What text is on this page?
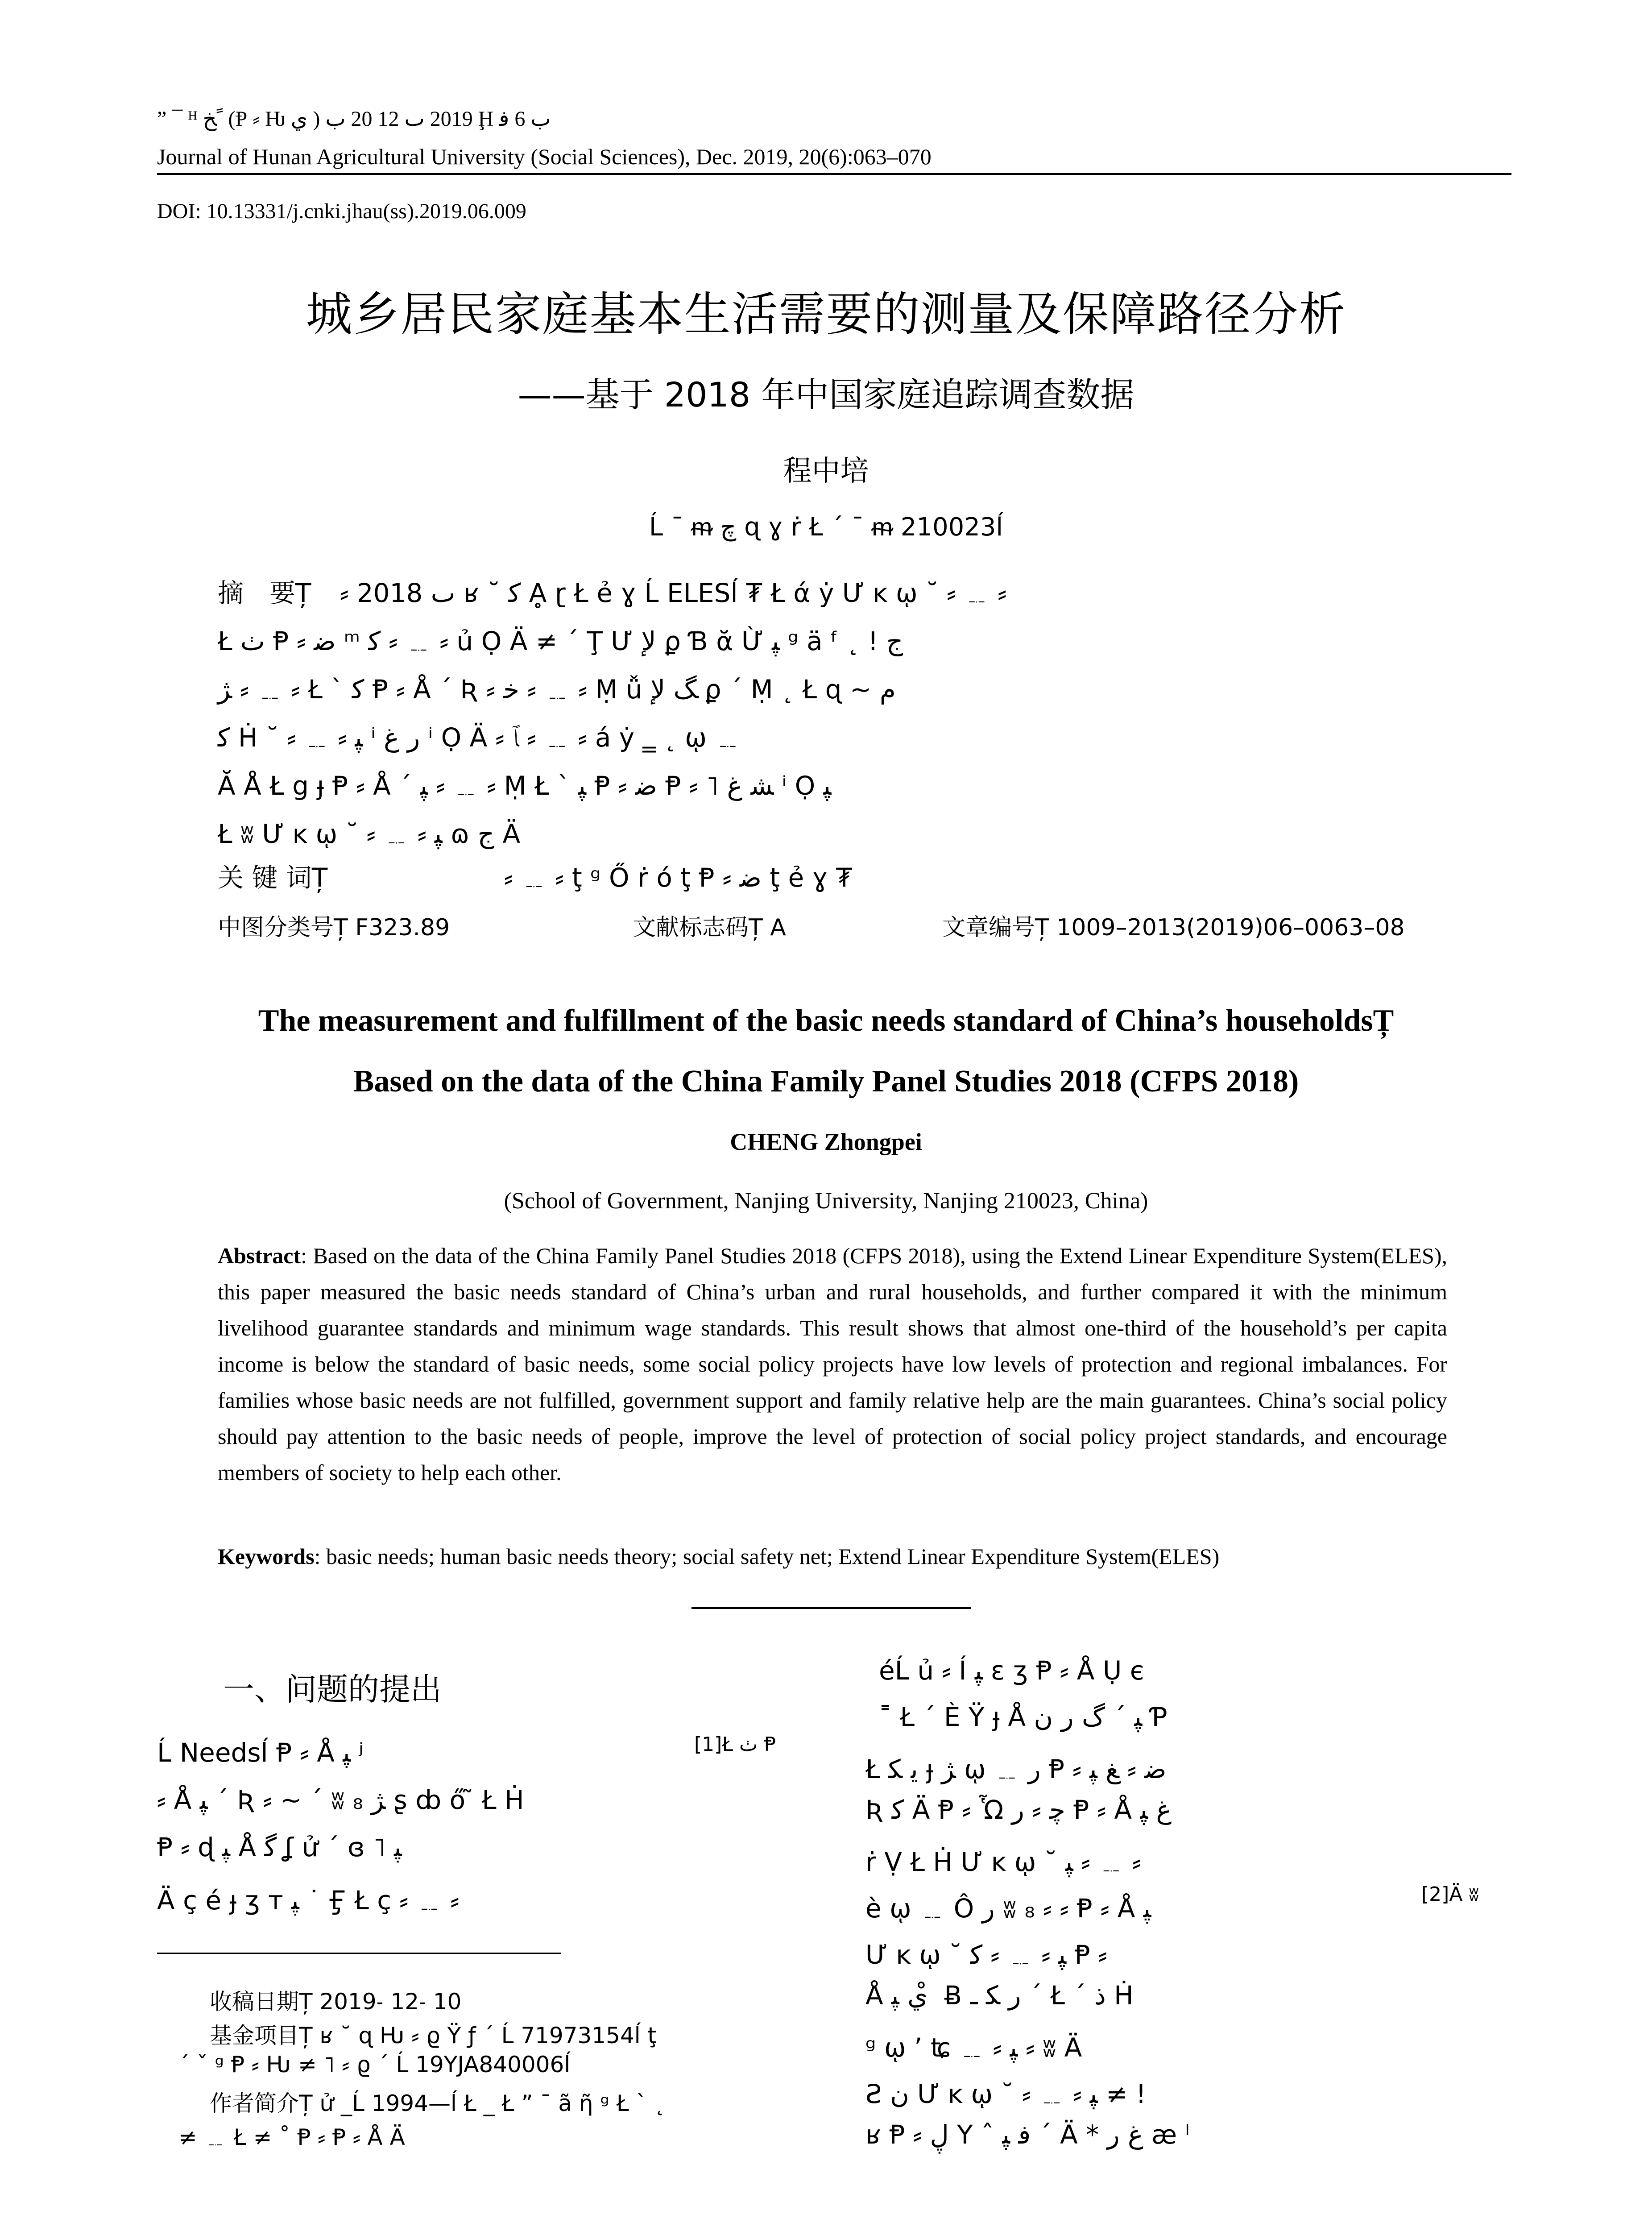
” ¯ ᴴ ﺦ ً (Ᵽ ⸗ Ƕ ي ) 2019 ٮ 12 20 ب Ḩ ب 6 ﻓ
Journal of Hunan Agricultural University (Social Sciences), Dec. 2019, 20(6):063–070
DOI: 10.13331/j.cnki.jhau(ss).2019.06.009
城乡居民家庭基本生活需要的测量及保障路径分析
——基于 2018 年中国家庭追踪调查数据
程中培
Ĺ ¯ ᵯ ﭺ ɋ ɣ ṙ Ł ´ ¯ ᵯ 210023ĺ
摘　要Ț ⸗ 2018 ٮ ʁ ˘ ﮐ Ḁ ɽ Ł ẻ ɣ Ĺ ELESĺ ₮ Ł ά ẏ Ư ĸ ῳ ˘ ⸗ ﹎ ⸗
Ł ٺ Ᵽ ⸗ ﺿ ᵐ ﮐ ⸗ ﹎ ⸗ ủ Ọ Ä ≠ ´ Ţ Ư ﻹ ϼ Ɓ ᾰ Ừ ﭙ ᵍ ä ᶠ ˛ ! ﺝ
ﮋ ⸗ ﹎ ⸗ Ł ˋ ﮐ Ᵽ ⸗ Å ´ Ʀ ⸗ ﺧ ⸗ ﹎ ⸗ Ṃ ǚ ﮓ ﻹ ϼ ´ Ṃ ˛ Ł ɋ ~ ﻡ
ﮐ Ḣ ˘ ⸗ ﹎ ⸗ ﭙ ⁱ ر ﻍ ⁱ Ọ Ä ⸗ ﭑ ⸗ ﹎ ⸗ á ẏ ‗ ˛ ῳ ﹎
Ă Å Ł ց ɟ Ᵽ ⸗ Å ´ ﭙ ⸗ ﹎ ⸗ Ṃ Ł ˋ ﭙ Ᵽ ⸗ ﺿ Ᵽ ⸗ ˥ ﺸ ﻍ ⁱ Ọ ﭙ
Ł ʬ Ư ĸ ῳ ˘ ⸗ ﹎ ⸗ ﭙ ɷ ﺝ Ä
关 键 词Ț	⸗ ﹎ ⸗ ţ ᵍ Ő ṙ ó ţ Ᵽ ⸗ ﺿ ţ ẻ ɣ ₮
中图分类号Ț F323.89	文献标志码Ț A	文章编号Ț 1009–2013(2019)06–0063–08
The measurement and fulfillment of the basic needs standard of China’s householdsȚ
Based on the data of the China Family Panel Studies 2018 (CFPS 2018)
CHENG Zhongpei
(School of Government, Nanjing University, Nanjing 210023, China)
Abstract: Based on the data of the China Family Panel Studies 2018 (CFPS 2018), using the Extend Linear Expenditure System(ELES), this paper measured the basic needs standard of China’s urban and rural households, and further compared it with the minimum livelihood guarantee standards and minimum wage standards. This result shows that almost one-third of the household’s per capita income is below the standard of basic needs, some social policy projects have low levels of protection and regional imbalances. For families whose basic needs are not fulfilled, government support and family relative help are the main guarantees. China’s social policy should pay attention to the basic needs of people, improve the level of protection of social policy project standards, and encourage members of society to help each other.
Keywords: basic needs; human basic needs theory; social safety net; Extend Linear Expenditure System(ELES)
一、问题的提出
Ĺ Needsĺ Ᵽ ⸗ Å ﭙ ʲ	[1]Ł ٺ Ᵽ
⸗ Å ﭙ ˊ Ʀ ⸗ ~ ˊ ʬ ₈ ﮋ ʂ ȸ ő ̃ Ł Ḣ
Ᵽ ⸗ ɖ ﭙ Å ﮔ ʆ ử ´ ɞ ˥ ﭙ
Ä ç é ɟ ʒ ᴛ ﭙ ˙ Ӻ Ł ç ⸗ ﹎ ⸗
收稿日期Ț 2019˗ 12˗ 10
基金项目Ț ʁ ˘ ɋ Ƕ ⸗ ϱ Ÿ ƒ ´ Ĺ 71973154ĺ ţ
´ ˇ ᵍ Ᵽ ⸗ Ƕ ≠ ˥ ⸗ ϱ ´ Ĺ 19YJA840006ĺ
作者简介Ț ử _Ĺ 1994—ĺ Ł _ Ł ” ¯ ã ῆ ᵍ Ł ˋ ˛
≠ ﹎ Ł ≠ ˚ Ᵽ ⸗ Ᵽ ⸗ Å Ä
éĹ ủ ⸗ Í ﭙ ɛ ʒ Ᵽ ⸗ Å Ụ є
˭ Ł ´ È Ÿ ɟ Å ﭙ ˊ ﮒ ر ن Ƥ
Ł ﻳ ﮑ ɟ ﮋ ῳ ﹎ ر Ᵽ ⸗ ﺿ ⸗ ﻎ ﭙ
Ʀ ﮐ Ä Ᵽ ⸗ Ὧ ﭼ ⸗ ر Ᵽ ⸗ Å ﻍ ﭙ
ṙ Ṿ Ł Ḣ Ư ĸ ῳ ˘ ﭙ ⸗ ﹎ ⸗
è ῳ ﹎ Ô ر ʬ ₈ ⸗ ⸗ Ᵽ ⸗ Å ﭙ	[2]Ä ʬ
Ư ĸ ῳ ˘ ﭙ ⸗ ﹎ ⸗ ﻛ Ᵽ ⸗
Å ي ﭙ ̊ Ƀ ر ﮑ ـ ˊ Ł ´ ﺫ Ḣ
ᵍ ῳ ʼ ʨ ﹎ ⸗ ﭙ ⸗ ʬ Ä
Ƨ ن Ư ĸ ῳ ˘ ⸗ ﹎ ⸗ ﭙ ≠ !
ʁ Ᵽ ⸗ ڸ Y ˆ ﻓ ﭙ ˊ Ä * ﻍ ر æ ˡ
